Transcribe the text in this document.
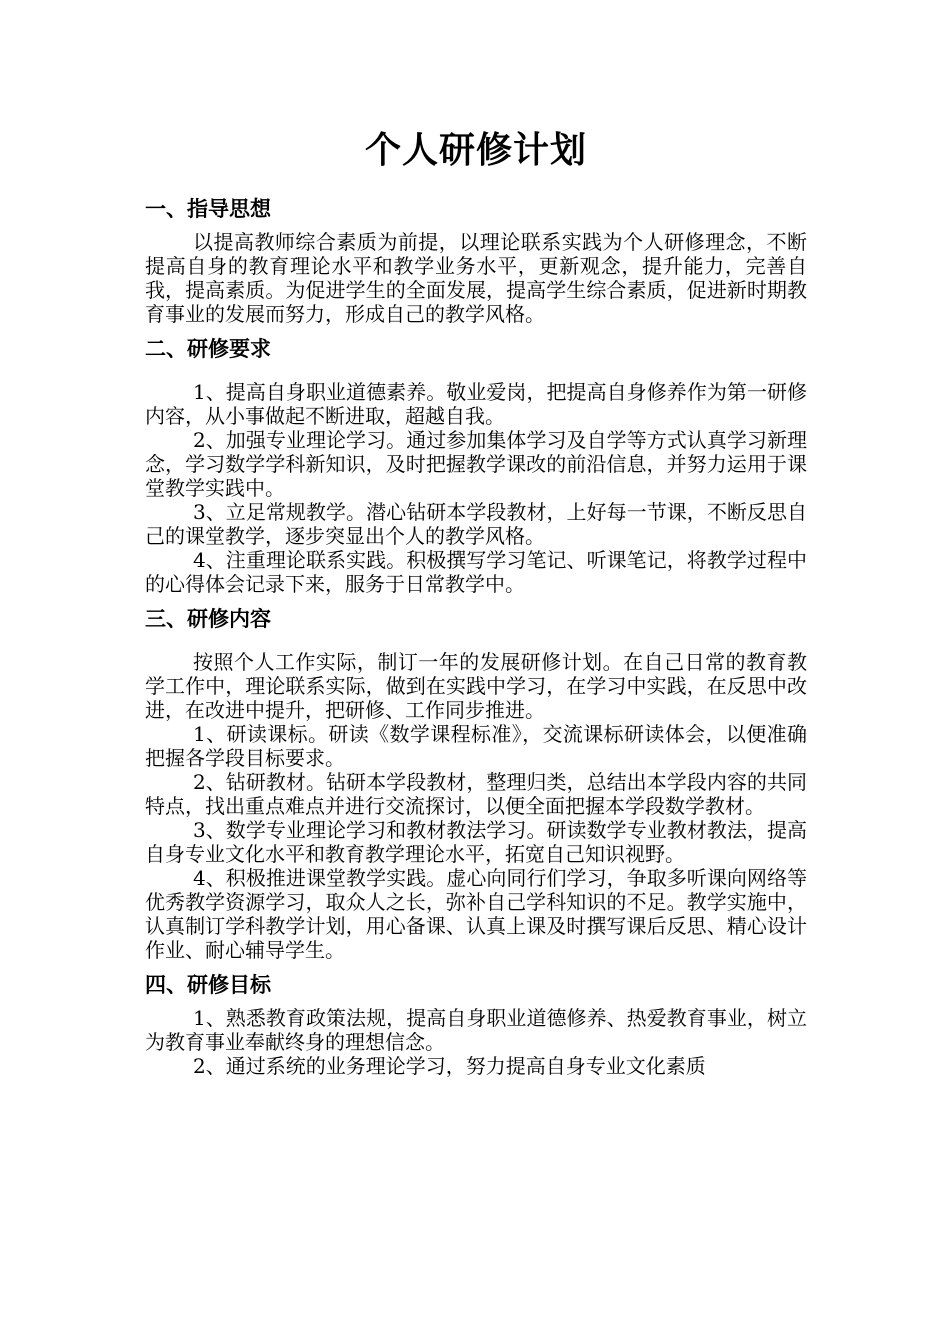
个人研修计划
一、指导思想

以提高教师综合素质为前提，以理论联系实践为个人研修理念，不断提高自身的教育理论水平和教学业务水平，更新观念，提升能力，完善自我，提高素质。为促进学生的全面发展，提高学生综合素质，促进新时期教育事业的发展而努力，形成自己的教学风格。

二、研修要求

1、提高自身职业道德素养。敬业爱岗，把提高自身修养作为第一研修内容，从小事做起不断进取，超越自我。

2、加强专业理论学习。通过参加集体学习及自学等方式认真学习新理念，学习数学学科新知识，及时把握教学课改的前沿信息，并努力运用于课堂教学实践中。

3、立足常规教学。潜心钻研本学段教材，上好每一节课，不断反思自己的课堂教学，逐步突显出个人的教学风格。

4、注重理论联系实践。积极撰写学习笔记、听课笔记，将教学过程中的心得体会记录下来，服务于日常教学中。

三、研修内容

按照个人工作实际，制订一年的发展研修计划。在自己日常的教育教学工作中，理论联系实际，做到在实践中学习，在学习中实践，在反思中改进，在改进中提升，把研修、工作同步推进。

1、研读课标。研读《数学课程标准》，交流课标研读体会，以便准确把握各学段目标要求。

2、钻研教材。钻研本学段教材，整理归类，总结出本学段内容的共同特点，找出重点难点并进行交流探讨，以便全面把握本学段数学教材。

3、数学专业理论学习和教材教法学习。研读数学专业教材教法，提高自身专业文化水平和教育教学理论水平，拓宽自己知识视野。

4、积极推进课堂教学实践。虚心向同行们学习，争取多听课向网络等优秀教学资源学习，取众人之长，弥补自己学科知识的不足。教学实施中，认真制订学科教学计划，用心备课、认真上课及时撰写课后反思、精心设计作业、耐心辅导学生。

四、研修目标

1、熟悉教育政策法规，提高自身职业道德修养、热爱教育事业，树立为教育事业奉献终身的理想信念。

2、通过系统的业务理论学习，努力提高自身专业文化素质
